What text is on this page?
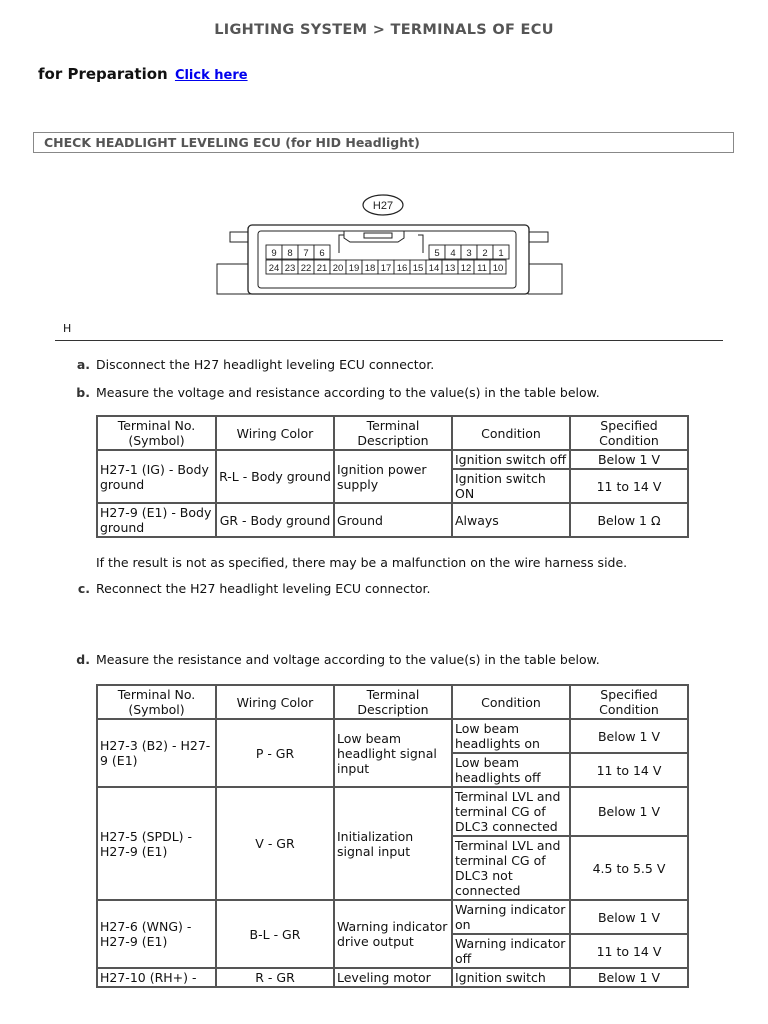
LIGHTING SYSTEM > TERMINALS OF ECU
for Preparation Click here
CHECK HEADLIGHT LEVELING ECU (for HID Headlight)
H27
9 8 7 6	5 4 3 2 1
24 23 22 21 20 19 18 17 16 15 14 13 12 11 10
H
a. Disconnect the H27 headlight leveling ECU connector.
b. Measure the voltage and resistance according to the value(s) in the table below.
Terminal No. (Symbol)	Wiring Color	Terminal Description	Condition	Specified Condition
H27-1 (IG) - Body ground	R-L - Body ground	Ignition power supply	Ignition switch off	Below 1 V
			Ignition switch ON	11 to 14 V
H27-9 (E1) - Body ground	GR - Body ground	Ground	Always	Below 1 Ω
If the result is not as specified, there may be a malfunction on the wire harness side.
c. Reconnect the H27 headlight leveling ECU connector.
d. Measure the resistance and voltage according to the value(s) in the table below.
Terminal No. (Symbol)	Wiring Color	Terminal Description	Condition	Specified Condition
H27-3 (B2) - H27-9 (E1)	P - GR	Low beam headlight signal input	Low beam headlights on	Below 1 V
			Low beam headlights off	11 to 14 V
H27-5 (SPDL) - H27-9 (E1)	V - GR	Initialization signal input	Terminal LVL and terminal CG of DLC3 connected	Below 1 V
			Terminal LVL and terminal CG of DLC3 not connected	4.5 to 5.5 V
H27-6 (WNG) - H27-9 (E1)	B-L - GR	Warning indicator drive output	Warning indicator on	Below 1 V
			Warning indicator off	11 to 14 V
H27-10 (RH+) -	R - GR	Leveling motor	Ignition switch	Below 1 V
